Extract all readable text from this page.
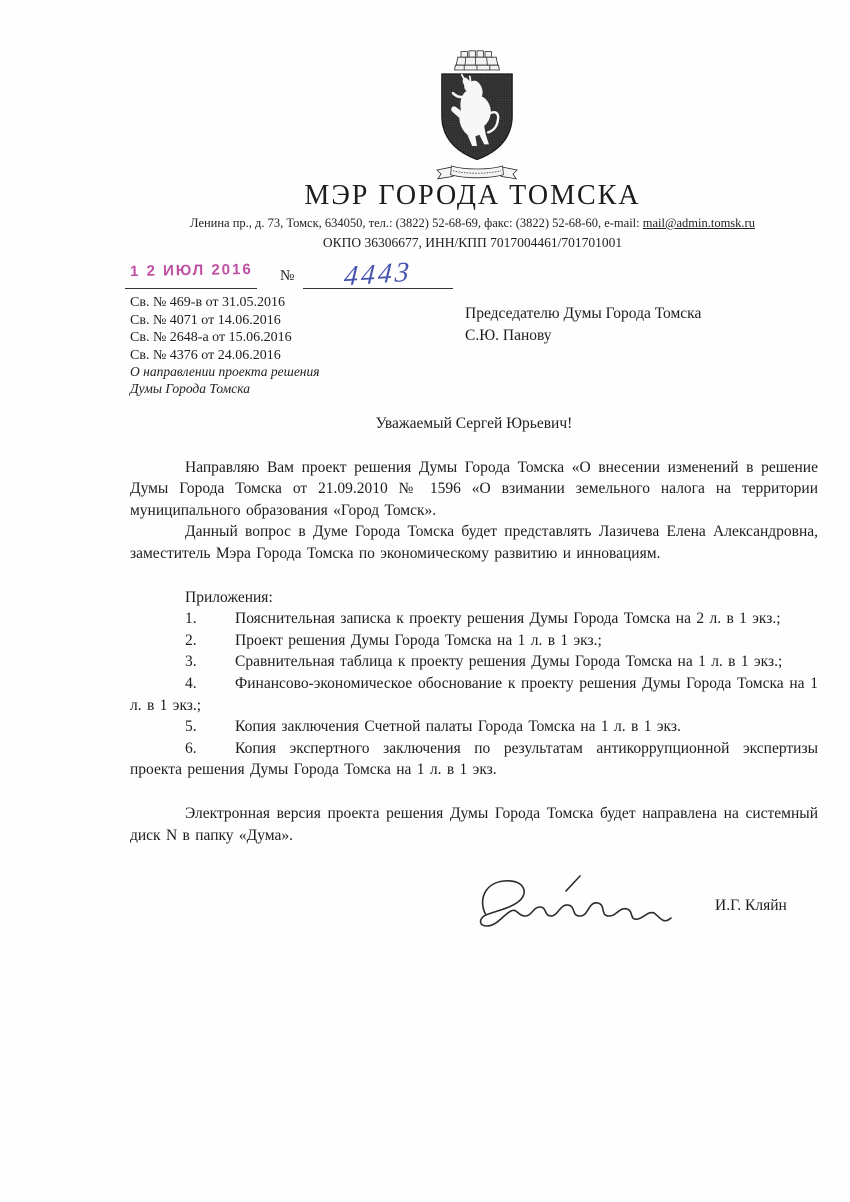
МЭР ГОРОДА ТОМСКА
Ленина пр., д. 73, Томск, 634050, тел.: (3822) 52-68-69, факс: (3822) 52-68-60, e-mail: mail@admin.tomsk.ru
ОКПО 36306677, ИНН/КПП 7017004461/701701001
1 2 ИЮЛ 2016 №	4443
Св. № 469-в от 31.05.2016
Св. № 4071 от 14.06.2016
Св. № 2648-а от 15.06.2016
Св. № 4376 от 24.06.2016
О направлении проекта решения
Думы Города Томска
Председателю Думы Города Томска
С.Ю. Панову
Уважаемый Сергей Юрьевич!
Направляю Вам проект решения Думы Города Томска «О внесении изменений в решение Думы Города Томска от 21.09.2010 № 1596 «О взимании земельного налога на территории муниципального образования «Город Томск».
Данный вопрос в Думе Города Томска будет представлять Лазичева Елена Александровна, заместитель Мэра Города Томска по экономическому развитию и инновациям.
Приложения:
1. Пояснительная записка к проекту решения Думы Города Томска на 2 л. в 1 экз.;
2. Проект решения Думы Города Томска на 1 л. в 1 экз.;
3. Сравнительная таблица к проекту решения Думы Города Томска на 1 л. в 1 экз.;
4. Финансово-экономическое обоснование к проекту решения Думы Города Томска на 1 л. в 1 экз.;
5. Копия заключения Счетной палаты Города Томска на 1 л. в 1 экз.
6. Копия экспертного заключения по результатам антикоррупционной экспертизы проекта решения Думы Города Томска на 1 л. в 1 экз.
Электронная версия проекта решения Думы Города Томска будет направлена на системный диск N в папку «Дума».
И.Г. Кляйн
